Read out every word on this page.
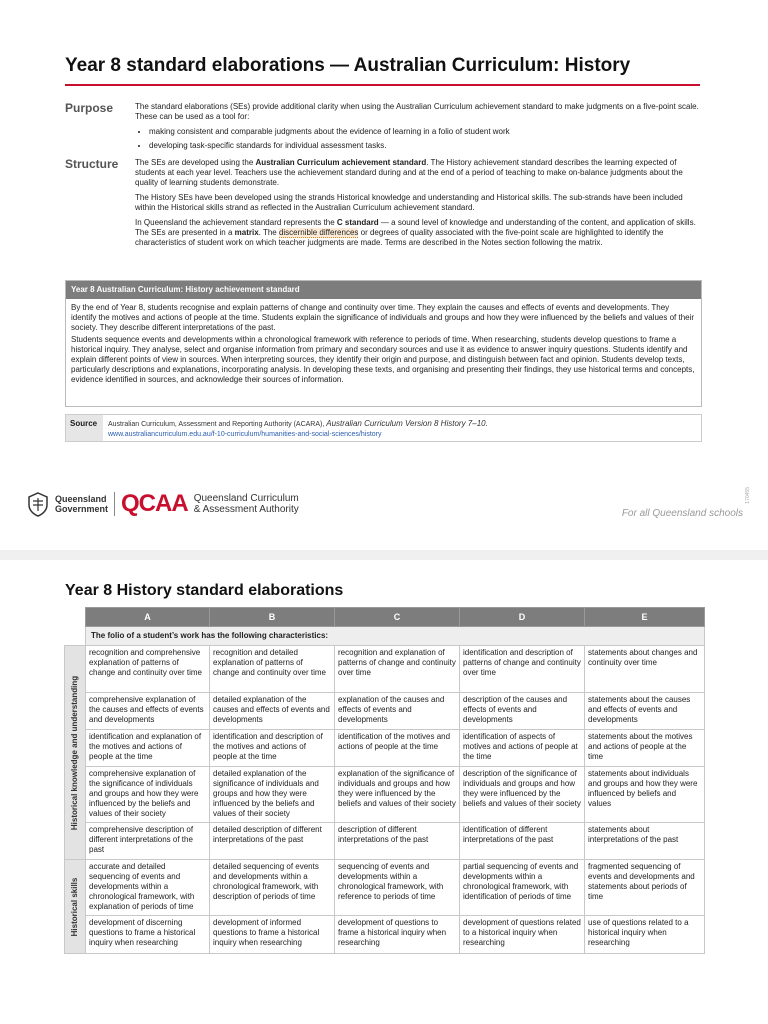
Year 8 standard elaborations — Australian Curriculum: History
Purpose	The standard elaborations (SEs) provide additional clarity when using the Australian Curriculum achievement standard to make judgments on a five-point scale. These can be used as a tool for:

• making consistent and comparable judgments about the evidence of learning in a folio of student work
• developing task-specific standards for individual assessment tasks.
Structure The SEs are developed using the Australian Curriculum achievement standard. The History achievement standard describes the learning expected of students at each year level. Teachers use the achievement standard during and at the end of a period of teaching to make on-balance judgments about the quality of learning students demonstrate.

The History SEs have been developed using the strands Historical knowledge and understanding and Historical skills. The sub-strands have been included within the Historical skills strand as reflected in the Australian Curriculum achievement standard.

In Queensland the achievement standard represents the C standard — a sound level of knowledge and understanding of the content, and application of skills. The SEs are presented in a matrix. The discernible differences or degrees of quality associated with the five-point scale are highlighted to identify the characteristics of student work on which teacher judgments are made. Terms are described in the Notes section following the matrix.

Year 8 Australian Curriculum: History achievement standard

By the end of Year 8, students recognise and explain patterns of change and continuity over time. They explain the causes and effects of events and developments. They identify the motives and actions of people at the time. Students explain the significance of individuals and groups and how they were influenced by the beliefs and values of their society. They describe different interpretations of the past.

Students sequence events and developments within a chronological framework with reference to periods of time. When researching, students develop questions to frame a historical inquiry. They analyse, select and organise information from primary and secondary sources and use it as evidence to answer inquiry questions. Students identify and explain different points of view in sources. When interpreting sources, they identify their origin and purpose, and distinguish between fact and opinion. Students develop texts, particularly descriptions and explanations, incorporating analysis. In developing these texts, and organising and presenting their findings, they use historical terms and concepts, evidence identified in sources, and acknowledge their sources of information.

Source	Australian Curriculum, Assessment and Reporting Authority (ACARA), Australian Curriculum Version 8 History 7–10.
www.australiancurriculum.edu.au/f-10-curriculum/humanities-and-social-sciences/history
Queensland
Government QCAA Queensland Curriculum
& Assessment Authority	For all Queensland schools
170455
Year 8 History standard elaborations
	A	B	C	D	E
	The folio of a student’s work has the following characteristics:				

Historical knowledge and understanding	recognition and comprehensive explanation of patterns of change and continuity over time	recognition and detailed explanation of patterns of change and continuity over time	recognition and explanation of patterns of change and continuity over time	identification and description of patterns of change and continuity over time	statements about changes and continuity over time
	comprehensive explanation of the causes and effects of events and developments	detailed explanation of the causes and effects of events and developments	explanation of the causes and effects of events and developments	description of the causes and effects of events and developments	statements about the causes and effects of events and developments
	identification and explanation of the motives and actions of people at the time	identification and description of the motives and actions of people at the time	identification of the motives and actions of people at the time	identification of aspects of motives and actions of people at the time	statements about the motives and actions of people at the time
	comprehensive explanation of the significance of individuals and groups and how they were influenced by the beliefs and values of their society	detailed explanation of the significance of individuals and groups and how they were influenced by the beliefs and values of their society	explanation of the significance of individuals and groups and how they were influenced by the beliefs and values of their society	description of the significance of individuals and groups and how they were influenced by the beliefs and values of their society	statements about individuals and groups and how they were influenced by beliefs and values
	comprehensive description of different interpretations of the past	detailed description of different interpretations of the past	description of different interpretations of the past	identification of different interpretations of the past	statements about interpretations of the past

Historical skills	accurate and detailed sequencing of events and developments within a chronological framework, with explanation of periods of time	detailed sequencing of events and developments within a chronological framework, with description of periods of time	sequencing of events and developments within a chronological framework, with reference to periods of time	partial sequencing of events and developments within a chronological framework, with identification of periods of time	fragmented sequencing of events and developments and statements about periods of time
	development of discerning questions to frame a historical inquiry when researching	development of informed questions to frame a historical inquiry when researching	development of questions to frame a historical inquiry when researching	development of questions related to a historical inquiry when researching	use of questions related to a historical inquiry when researching
